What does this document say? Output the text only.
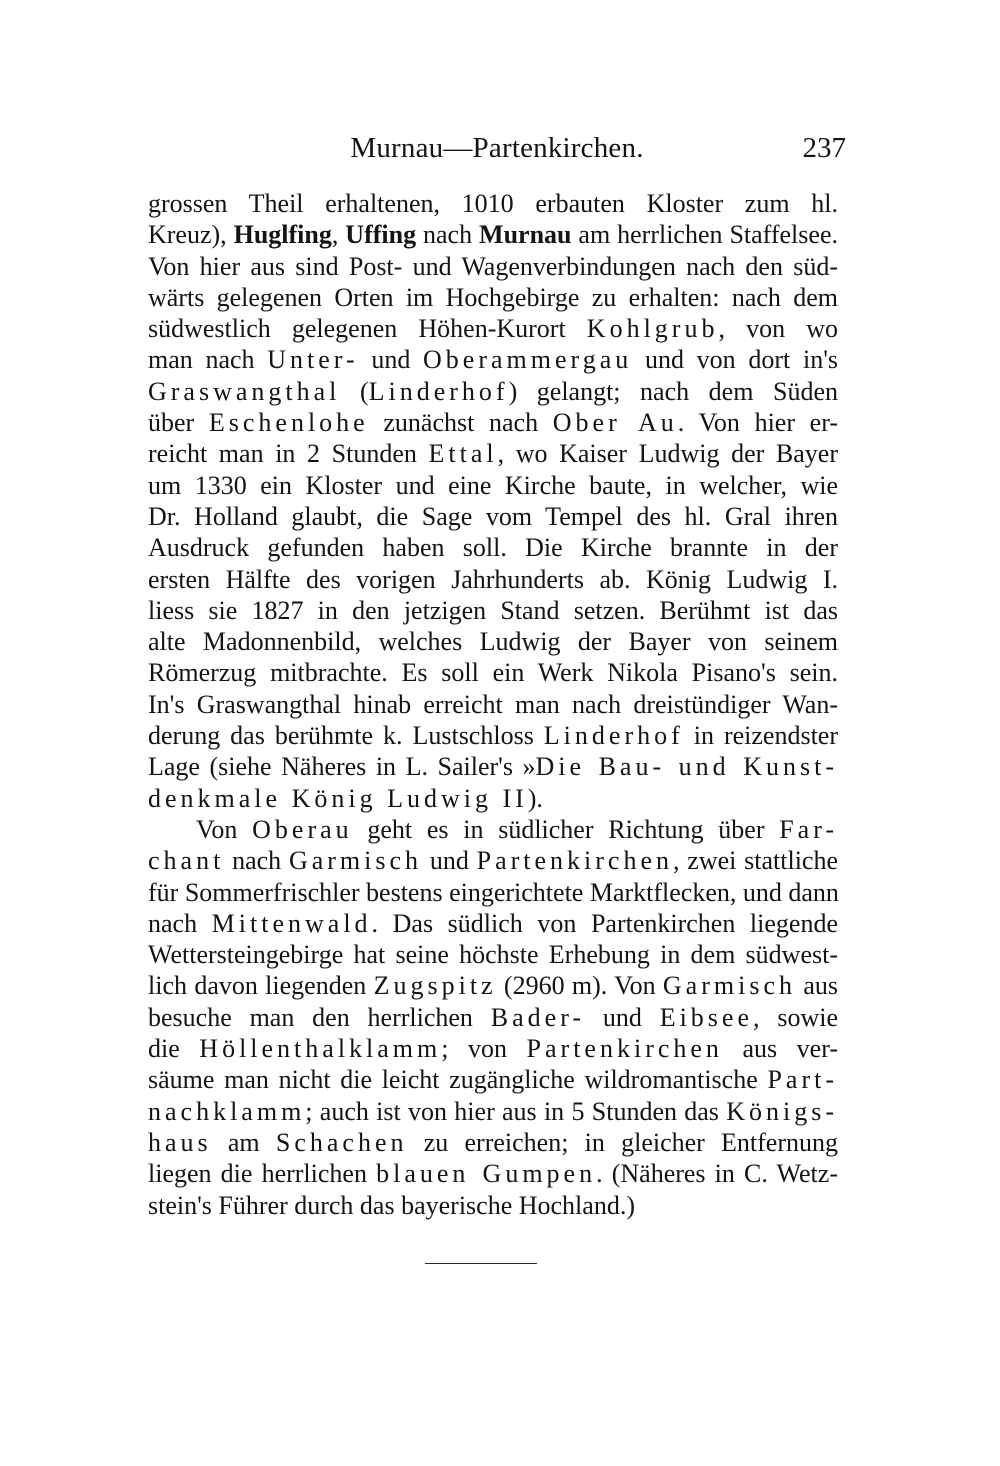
Murnau—Partenkirchen.	237
grossen Theil erhaltenen, 1010 erbauten Kloster zum hl.
Kreuz), Huglfing, Uffing nach Murnau am herrlichen Staffelsee.
Von hier aus sind Post- und Wagenverbindungen nach den süd-
wärts gelegenen Orten im Hochgebirge zu erhalten: nach dem
südwestlich gelegenen Höhen-Kurort Kohlgrub, von wo
man nach Unter- und Oberammergau und von dort in's
Graswangthal (Linderhof) gelangt; nach dem Süden
über Eschenlohe zunächst nach Ober Au. Von hier er-
reicht man in 2 Stunden Ettal, wo Kaiser Ludwig der Bayer
um 1330 ein Kloster und eine Kirche baute, in welcher, wie
Dr. Holland glaubt, die Sage vom Tempel des hl. Gral ihren
Ausdruck gefunden haben soll. Die Kirche brannte in der
ersten Hälfte des vorigen Jahrhunderts ab. König Ludwig I.
liess sie 1827 in den jetzigen Stand setzen. Berühmt ist das
alte Madonnenbild, welches Ludwig der Bayer von seinem
Römerzug mitbrachte. Es soll ein Werk Nikola Pisano's sein.
In's Graswangthal hinab erreicht man nach dreistündiger Wan-
derung das berühmte k. Lustschloss Linderhof in reizendster
Lage (siehe Näheres in L. Sailer's »Die Bau- und Kunst-
denkmale König Ludwig II).
Von Oberau geht es in südlicher Richtung über Far-
chant nach Garmisch und Partenkirchen, zwei stattliche
für Sommerfrischler bestens eingerichtete Marktflecken, und dann
nach Mittenwald. Das südlich von Partenkirchen liegende
Wettersteingebirge hat seine höchste Erhebung in dem südwest-
lich davon liegenden Zugspitz (2960 m). Von Garmisch aus
besuche man den herrlichen Bader- und Eibsee, sowie
die Höllenthalklamm; von Partenkirchen aus ver-
säume man nicht die leicht zugängliche wildromantische Part-
nachklamm; auch ist von hier aus in 5 Stunden das Königs-
haus am Schachen zu erreichen; in gleicher Entfernung
liegen die herrlichen blauen Gumpen. (Näheres in C. Wetz-
stein's Führer durch das bayerische Hochland.)
